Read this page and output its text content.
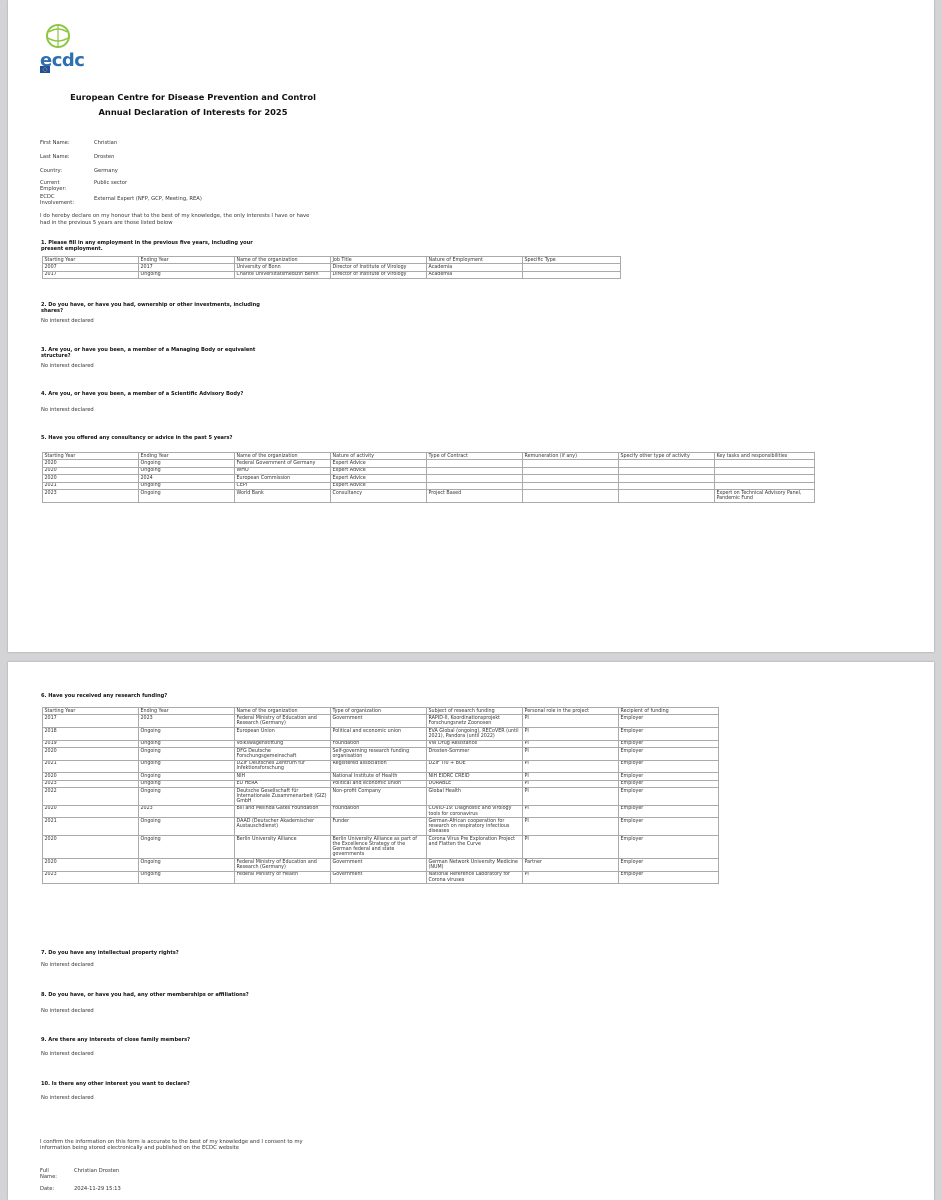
ecdc
European Centre for Disease Prevention and Control
Annual Declaration of Interests for 2025
First Name:	Christian
Last Name:	Drosten
Country:	Germany
Current Employer:
Public sector
ECDC Involvement:
External Expert (NFP, GCP, Meeting, REA)
I do hereby declare on my honour that to the best of my knowledge, the only interests I have or have had in the previous 5 years are those listed below
1. Please fill in any employment in the previous five years, including your present employment.
Starting Year	Ending Year	Name of the organization	Job Title	Nature of Employment	Specific Type
2007	2017	University of Bonn	Director of Institute of Virology	Academia	
2017	Ongoing	Charite Universitätsmedizin Berlin	Director of Institute of Virology	Academia	
2. Do you have, or have you had, ownership or other investments, including shares?
No interest declared
3. Are you, or have you been, a member of a Managing Body or equivalent structure?
No interest declared
4. Are you, or have you been, a member of a Scientific Advisory Body?
No interest declared
5. Have you offered any consultancy or advice in the past 5 years?
Starting Year	Ending Year	Name of the organization	Nature of activity	Type of Contract	Remuneration (if any)	Specify other type of activity	Key tasks and responsibilities
2020	Ongoing	Federal Government of Germany	Expert Advice				
2020	Ongoing	WHO	Expert Advice				
2020	2024	European Commission	Expert Advice				
2021	Ongoing	CEPI	Expert Advice				
2023	Ongoing	World Bank	Consultancy	Project Based			Expert on Technical Advisory Panel, Pandemic Fund
6. Have you received any research funding?
Starting Year	Ending Year	Name of the organization	Type of organization	Subject of research funding	Personal role in the project	Recipient of funding
2017	2023	Federal Ministry of Education and Research (Germany)	Government	RAPID-II, Koordinationsprojekt Forschungsnetz Zoonosen	PI	Employer
2018	Ongoing	European Union	Political and economic union	EVA Global (ongoing), RECoVER (until 2021), Pandora (until 2022)	PI	Employer
2019	Ongoing	Volkswagenstiftung	Foundation	VW Drug Resistance	PI	Employer
2020	Ongoing	DFG Deutsche Forschungsgemeinschaft	Self-governing research funding organisation	Drosten-Sommer	PI	Employer
2021	Ongoing	DZIF Deutsches Zentrum für Infektionsforschung	Registered association	DZIF TI0 + BOE	PI	Employer
2020	Ongoing	NIH	National Institute of Health	NIH EIDRC CREID	PI	Employer
2023	Ongoing	EU HERA	Political and economic union	DURABLE	PI	Employer
2022	Ongoing	Deutsche Gesellschaft für Internationale Zusammenarbeit (GIZ) GmbH	Non-profit Company	Global Health	PI	Employer
2020	2023	Bill and Melinda Gates Foundation	Foundation	COVID-19: Diagnostic and virology tools for coronavirus	PI	Employer
2021	Ongoing	DAAD (Deutscher Akademischer Austauschdienst)	Funder	German-African cooperation for research on respiratory infectious diseases	PI	Employer
2020	Ongoing	Berlin University Alliance	Berlin University Alliance as part of the Excellence Strategy of the German federal and state governments	Corona Virus Pre Exploration Project and Flatten the Curve	PI	Employer
2020	Ongoing	Federal Ministry of Education and Research (Germany)	Government	German Network University Medicine (NUM)	Partner	Employer
2023	Ongoing	Federal Ministry of Health	Government	National Reference Laboratory for Corona viruses	PI	Employer
7. Do you have any intellectual property rights?
No interest declared
8. Do you have, or have you had, any other memberships or affiliations?
No interest declared
9. Are there any interests of close family members?
No interest declared
10. Is there any other interest you want to declare?
No interest declared
I confirm the information on this form is accurate to the best of my knowledge and I consent to my information being stored electronically and published on the ECDC website
Full Name:
Christian Drosten
Date:	2024-11-29 15:13
